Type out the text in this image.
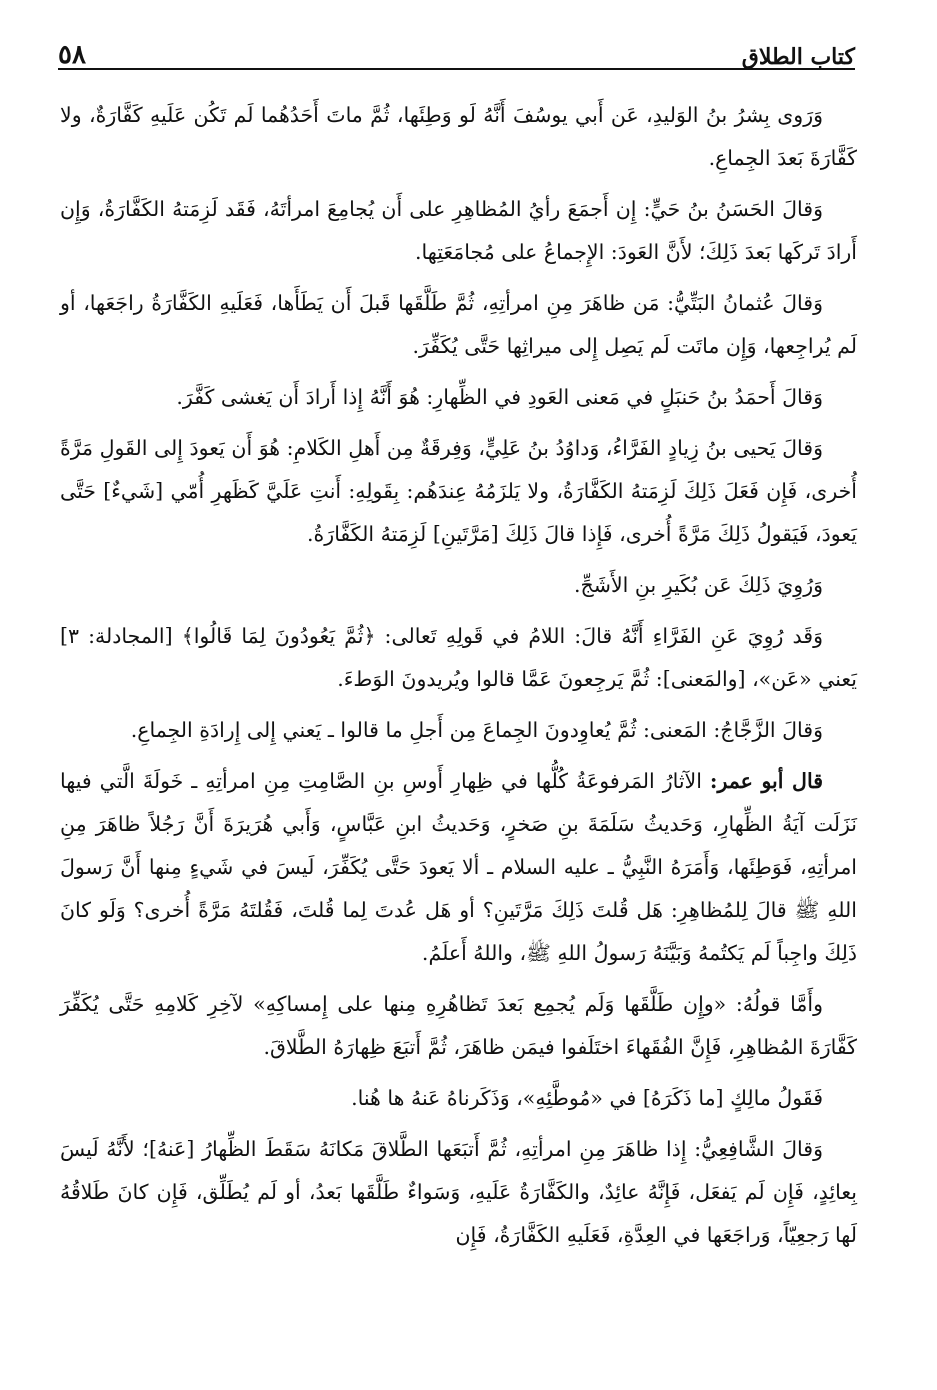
كتاب الطلاق
٥٨

وَرَوى بِشرُ بنُ الوَليدِ، عَن أَبي يوسُفَ أَنَّهُ لَو وَطِئَها، ثُمَّ ماتَ أَحَدُهُما لَم تَكُن عَلَيهِ كَفَّارَةٌ، ولا كَفَّارَةَ بَعدَ الجِماعِ.

وَقالَ الحَسَنُ بنُ حَيٍّ: إِن أَجمَعَ رأيُ المُظاهِرِ على أَن يُجامِعَ امرأتَهُ، فَقَد لَزِمَتهُ الكَفَّارَةُ، وَإِن أَرادَ تَركَها بَعدَ ذَلِكَ؛ لأَنَّ العَودَ: الإِجماعُ على مُجامَعَتِها.

وَقالَ عُثمانُ البَتِّيُّ: مَن ظاهَرَ مِنِ امرأتِهِ، ثُمَّ طَلَّقَها قَبلَ أَن يَطَأَها، فَعَلَيهِ الكَفَّارَةُ راجَعَها، أو لَم يُراجِعها، وَإِن ماتَت لَم يَصِل إِلى ميراثِها حَتَّى يُكَفِّرَ.

وَقالَ أَحمَدُ بنُ حَنبَلٍ في مَعنى العَودِ في الظِّهارِ: هُوَ أَنَّهُ إِذا أَرادَ أَن يَغشى كَفَّرَ.

وَقالَ يَحيى بنُ زِيادٍ الفَرَّاءُ، وَداوُدُ بنُ عَلِيٍّ، وَفِرقَةٌ مِن أَهلِ الكَلامِ: هُوَ أَن يَعودَ إِلى القَولِ مَرَّةً أُخرى، فَإِن فَعَلَ ذَلِكَ لَزِمَتهُ الكَفَّارَةُ، ولا يَلزَمُهُ عِندَهُم: بِقَولِهِ: أَنتِ عَلَيَّ كَظَهرِ أُمّي [شَيءٌ] حَتَّى يَعودَ، فَيَقولُ ذَلِكَ مَرَّةً أُخرى، فَإِذا قالَ ذَلِكَ [مَرَّتَينِ] لَزِمَتهُ الكَفَّارَةُ.

وَرُوِيَ ذَلِكَ عَن بُكَيرِ بنِ الأَشَجِّ.

وَقَد رُوِيَ عَنِ الفَرَّاءِ أَنَّهُ قالَ: اللامُ في قَولِهِ تَعالى: ﴿ثُمَّ يَعُودُونَ لِمَا قَالُوا﴾ [المجادلة: ٣] يَعني «عَن»، [والمَعنى]: ثُمَّ يَرجِعونَ عَمَّا قالوا ويُريدونَ الوَطءَ.

وَقالَ الزَّجَّاجُ: المَعنى: ثُمَّ يُعاوِدونَ الجِماعَ مِن أَجلِ ما قالوا ـ يَعني إِلى إِرادَةِ الجِماعِ.

قال أبو عمر: الآثارُ المَرفوعَةُ كُلُّها في ظِهارِ أَوسِ بنِ الصَّامِتِ مِنِ امرأتِهِ ـ خَولَةَ الَّتي فيها نَزَلَت آيَةُ الظِّهارِ، وَحَديثُ سَلَمَةَ بنِ صَخرٍ، وَحَديثُ ابنِ عَبَّاسٍ، وَأَبي هُرَيرَةَ أَنَّ رَجُلاً ظاهَرَ مِنِ امرأتِهِ، فَوَطِئَها، وَأَمَرَهُ النَّبِيُّ ـ عليه السلام ـ ألا يَعودَ حَتَّى يُكَفِّرَ، لَيسَ في شَيءٍ مِنها أَنَّ رَسولَ اللهِ ﷺ قالَ لِلمُظاهِرِ: هَل قُلتَ ذَلِكَ مَرَّتَينِ؟ أو هَل عُدتَ لِما قُلتَ، فَقُلتَهُ مَرَّةً أُخرى؟ وَلَو كانَ ذَلِكَ واجِباً لَم يَكتُمهُ وَبَيَّنَهُ رَسولُ اللهِ ﷺ، واللهُ أَعلَمُ.

وأَمَّا قولُهُ: «وإِن طَلَّقَها وَلَم يُجمِع بَعدَ تَظاهُرِهِ مِنها على إِمساكِهِ» لآخِرِ كَلامِهِ حَتَّى يُكَفِّرَ كَفَّارَةَ المُظاهِرِ، فَإِنَّ الفُقَهاءَ اختَلَفوا فيمَن ظاهَرَ، ثُمَّ أَتبَعَ ظِهارَهُ الطَّلاقَ.

فَقَولُ مالِكٍ [ما ذَكَرَهُ] في «مُوطَّئِهِ»، وَذَكَرناهُ عَنهُ ها هُنا.

وَقالَ الشَّافِعِيُّ: إِذا ظاهَرَ مِنِ امرأتِهِ، ثُمَّ أَتبَعَها الطَّلاقَ مَكانَهُ سَقَطَ الظِّهارُ [عَنهُ]؛ لأَنَّهُ لَيسَ بِعائِدٍ، فَإِن لَم يَفعَل، فَإِنَّهُ عائِدٌ، والكَفَّارَةُ عَلَيهِ، وَسَواءٌ طَلَّقَها بَعدُ، أو لَم يُطَلِّق، فَإِن كانَ طَلاقُهُ لَها رَجعِيّاً، وَراجَعَها في العِدَّةِ، فَعَلَيهِ الكَفَّارَةُ، فَإِن
